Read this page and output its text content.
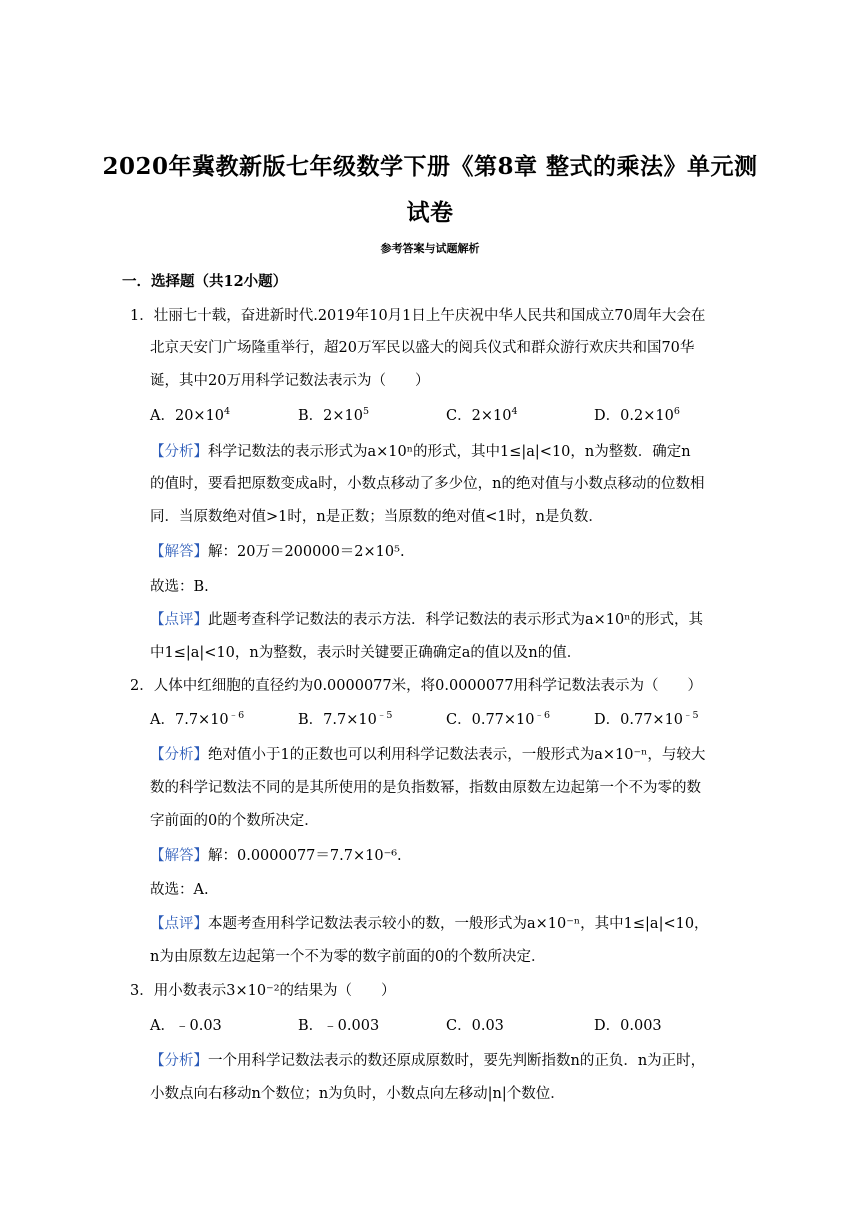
2020年冀教新版七年级数学下册《第8章 整式的乘法》单元测
试卷
参考答案与试题解析
一．选择题（共12小题）
1．壮丽七十载，奋进新时代.2019年10月1日上午庆祝中华人民共和国成立70周年大会在
北京天安门广场隆重举行，超20万军民以盛大的阅兵仪式和群众游行欢庆共和国70华
诞，其中20万用科学记数法表示为（　　）
A．$20\times 10^4$	B．$2\times 10^5$	C．$2\times 10^4$	D．$0.2\times 10^6$
【分析】科学记数法的表示形式为a×10ⁿ的形式，其中1≤|a|<10，n为整数．确定n
的值时，要看把原数变成a时，小数点移动了多少位，n的绝对值与小数点移动的位数相
同．当原数绝对值>1时，n是正数；当原数的绝对值<1时，n是负数．
【解答】解：20万＝200000＝2×10⁵.
故选：B.
【点评】此题考查科学记数法的表示方法．科学记数法的表示形式为a×10ⁿ的形式，其
中1≤|a|<10，n为整数，表示时关键要正确确定a的值以及n的值．
2．人体中红细胞的直径约为0.0000077米，将0.0000077用科学记数法表示为（　　）
A．$7.7\times 10^{﹣6}$	B．$7.7\times 10^{﹣5}$	C．$0.77\times 10^{﹣6}$	D．$0.77\times 10^{﹣5}$
【分析】绝对值小于1的正数也可以利用科学记数法表示，一般形式为a×10⁻ⁿ，与较大
数的科学记数法不同的是其所使用的是负指数幂，指数由原数左边起第一个不为零的数
字前面的0的个数所决定．
【解答】解：0.0000077＝7.7×10⁻⁶.
故选：A.
【点评】本题考查用科学记数法表示较小的数，一般形式为a×10⁻ⁿ，其中1≤|a|<10，
n为由原数左边起第一个不为零的数字前面的0的个数所决定．
3．用小数表示3×10⁻²的结果为（　　）
A．﹣0.03	B．﹣0.003	C．0.03	D．0.003
【分析】一个用科学记数法表示的数还原成原数时，要先判断指数n的正负．n为正时，
小数点向右移动n个数位；n为负时，小数点向左移动|n|个数位．
